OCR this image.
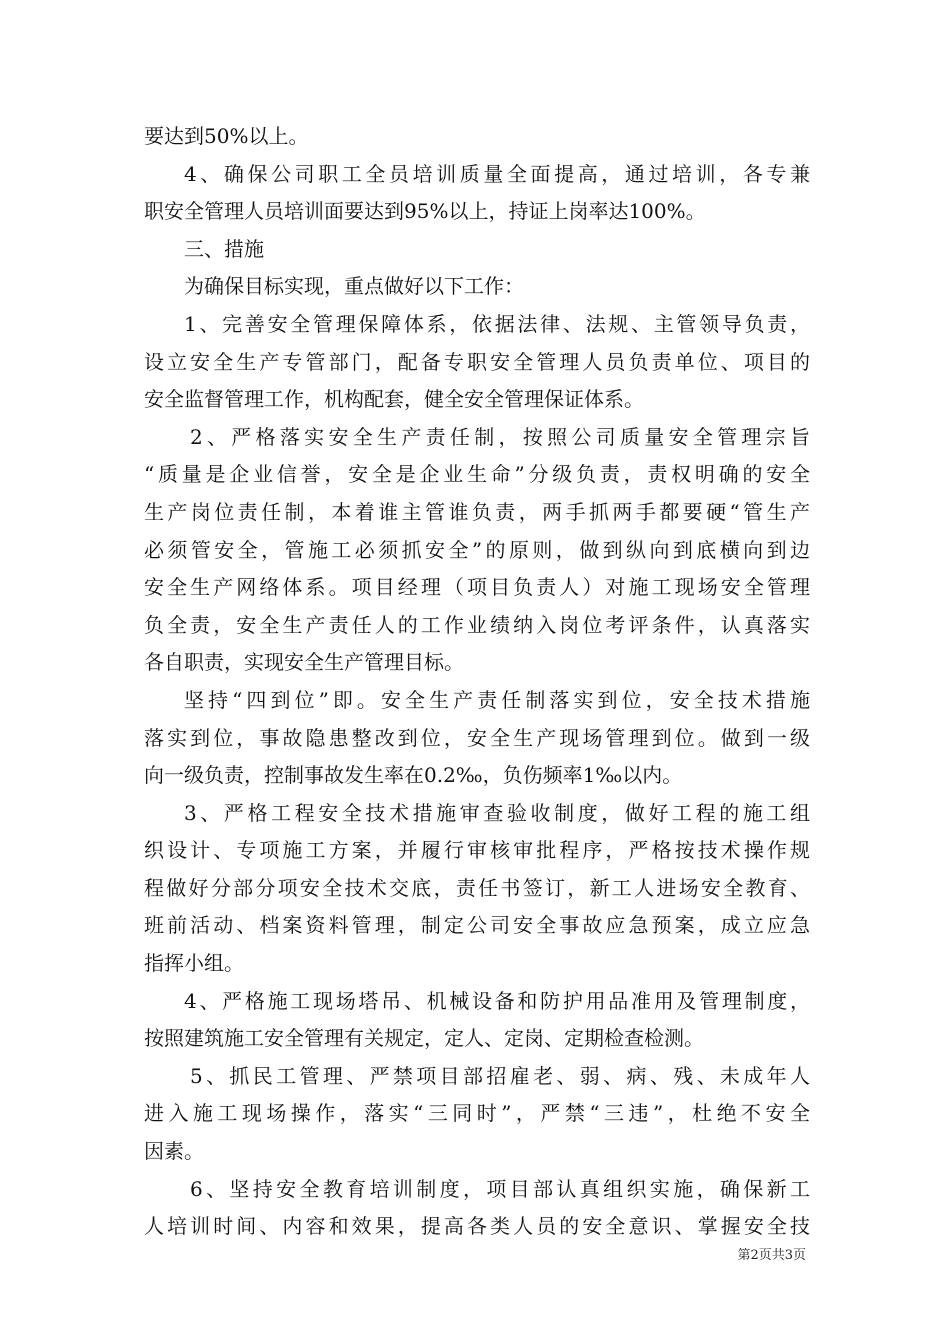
要达到50%以上。
4、确保公司职工全员培训质量全面提高，通过培训，各专兼
职安全管理人员培训面要达到95%以上，持证上岗率达100%。
三、措施
为确保目标实现，重点做好以下工作：
1、完善安全管理保障体系，依据法律、法规、主管领导负责，
设立安全生产专管部门，配备专职安全管理人员负责单位、项目的
安全监督管理工作，机构配套，健全安全管理保证体系。
2、严格落实安全生产责任制，按照公司质量安全管理宗旨
“质量是企业信誉，安全是企业生命”分级负责，责权明确的安全
生产岗位责任制，本着谁主管谁负责，两手抓两手都要硬“管生产
必须管安全，管施工必须抓安全”的原则，做到纵向到底横向到边
安全生产网络体系。项目经理（项目负责人）对施工现场安全管理
负全责，安全生产责任人的工作业绩纳入岗位考评条件，认真落实
各自职责，实现安全生产管理目标。
坚持“四到位”即。安全生产责任制落实到位，安全技术措施
落实到位，事故隐患整改到位，安全生产现场管理到位。做到一级
向一级负责，控制事故发生率在0.2‰，负伤频率1‰以内。
3、严格工程安全技术措施审查验收制度，做好工程的施工组
织设计、专项施工方案，并履行审核审批程序，严格按技术操作规
程做好分部分项安全技术交底，责任书签订，新工人进场安全教育、
班前活动、档案资料管理，制定公司安全事故应急预案，成立应急
指挥小组。
4、严格施工现场塔吊、机械设备和防护用品准用及管理制度，
按照建筑施工安全管理有关规定，定人、定岗、定期检查检测。
5、抓民工管理、严禁项目部招雇老、弱、病、残、未成年人
进入施工现场操作，落实“三同时”，严禁“三违”，杜绝不安全
因素。
6、坚持安全教育培训制度，项目部认真组织实施，确保新工
人培训时间、内容和效果，提高各类人员的安全意识、掌握安全技
第2页共3页
